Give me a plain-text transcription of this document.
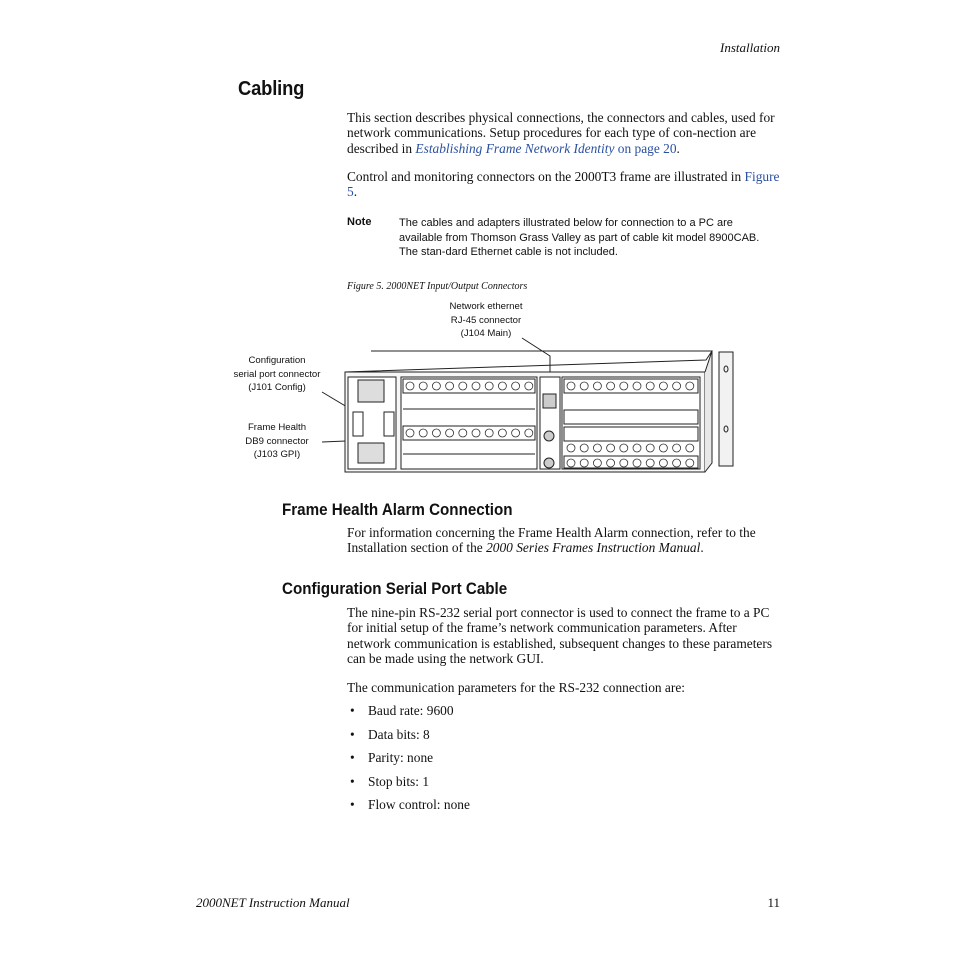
Installation
Cabling
This section describes physical connections, the connectors and cables, used for network communications. Setup procedures for each type of con-nection are described in Establishing Frame Network Identity on page 20.
Control and monitoring connectors on the 2000T3 frame are illustrated in Figure 5.
Note	The cables and adapters illustrated below for connection to a PC are available from Thomson Grass Valley as part of cable kit model 8900CAB. The stan-dard Ethernet cable is not included.
Figure 5. 2000NET Input/Output Connectors
Network ethernet
RJ-45 connector
(J104 Main)
Configuration
serial port connector
(J101 Config)
Frame Health
DB9 connector
(J103 GPI)
Frame Health Alarm Connection
For information concerning the Frame Health Alarm connection, refer to the Installation section of the 2000 Series Frames Instruction Manual.
Configuration Serial Port Cable
The nine-pin RS-232 serial port connector is used to connect the frame to a PC for initial setup of the frame’s network communication parameters. After network communication is established, subsequent changes to these parameters can be made using the network GUI.
The communication parameters for the RS-232 connection are:
• Baud rate: 9600
• Data bits: 8
• Parity: none
• Stop bits: 1
• Flow control: none
2000NET Instruction Manual	11
